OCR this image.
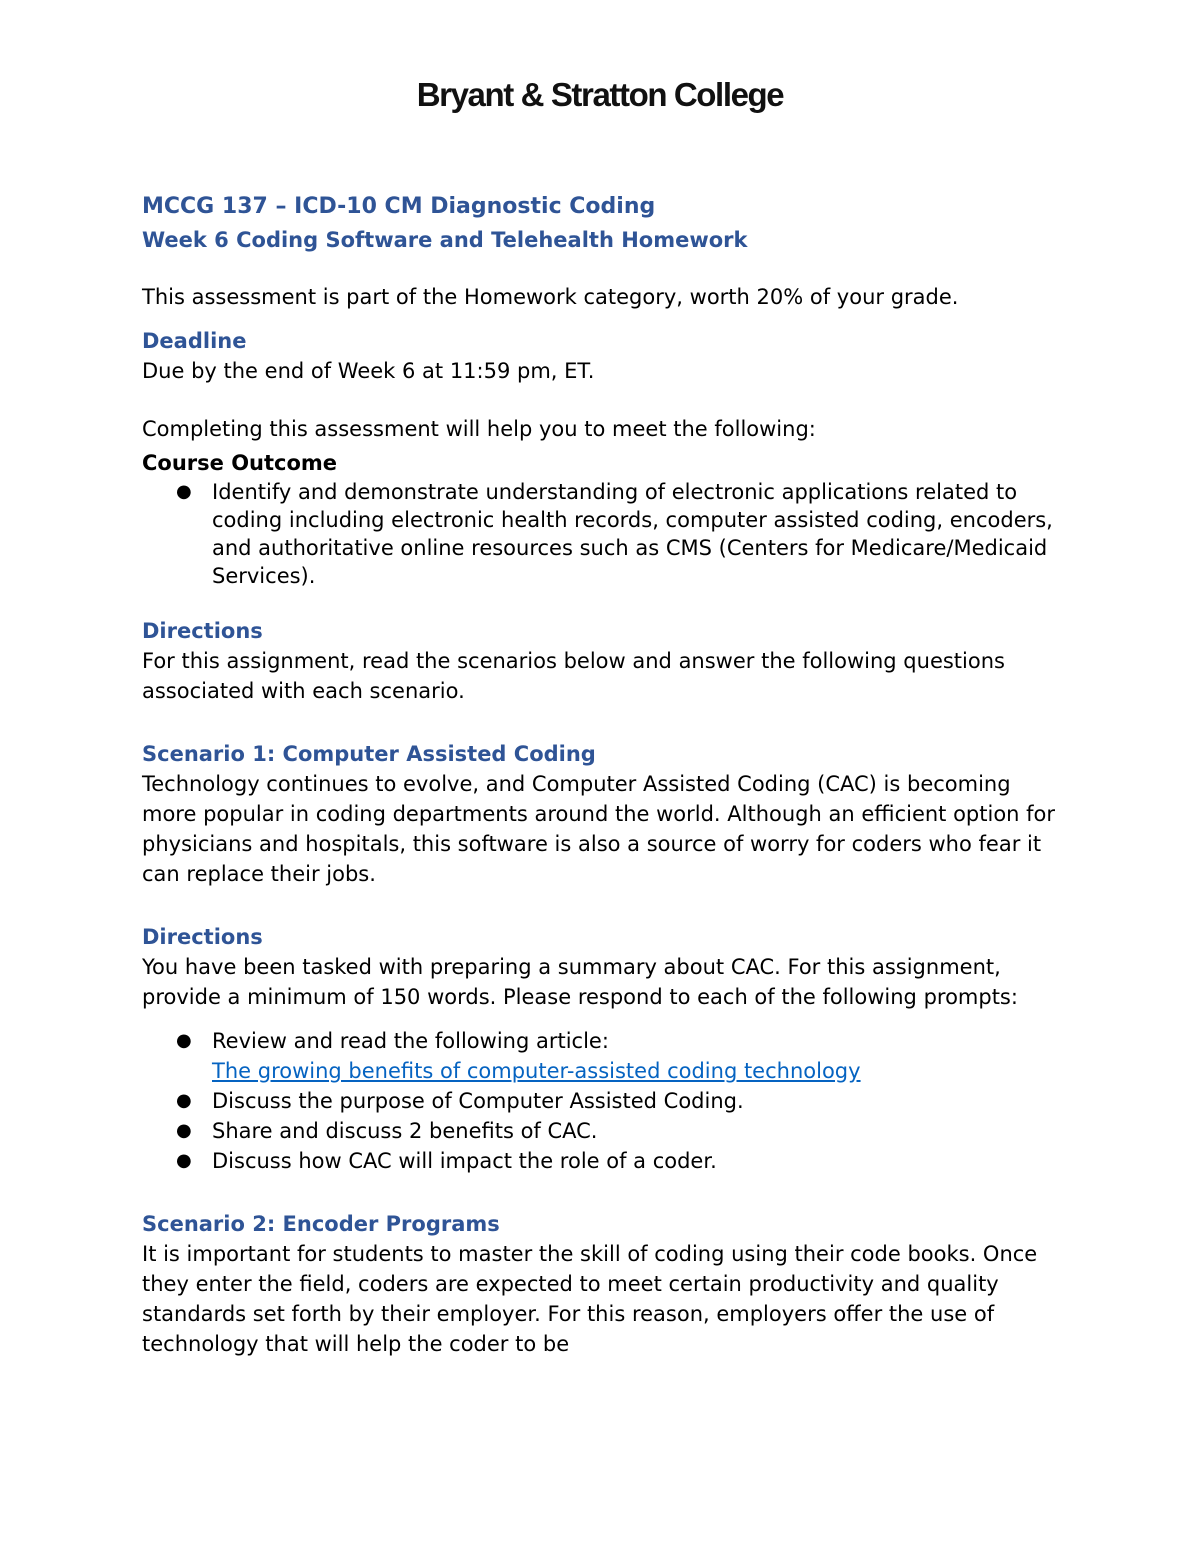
Bryant & Stratton College
MCCG 137 – ICD-10 CM Diagnostic Coding
Week 6 Coding Software and Telehealth Homework

This assessment is part of the Homework category, worth 20% of your grade.

Deadline

Due by the end of Week 6 at 11:59 pm, ET.

Completing this assessment will help you to meet the following:

Course Outcome

● Identify and demonstrate understanding of electronic applications related to coding including electronic health records, computer assisted coding, encoders, and authoritative online resources such as CMS (Centers for Medicare/Medicaid Services).
Directions

For this assignment, read the scenarios below and answer the following questions associated with each scenario.

Scenario 1: Computer Assisted Coding

Technology continues to evolve, and Computer Assisted Coding (CAC) is becoming more popular in coding departments around the world. Although an efficient option for physicians and hospitals, this software is also a source of worry for coders who fear it can replace their jobs.

Directions

You have been tasked with preparing a summary about CAC. For this assignment, provide a minimum of 150 words. Please respond to each of the following prompts:

● Review and read the following article:
The growing benefits of computer-assisted coding technology
● Discuss the purpose of Computer Assisted Coding.
● Share and discuss 2 benefits of CAC.
● Discuss how CAC will impact the role of a coder.
Scenario 2: Encoder Programs

It is important for students to master the skill of coding using their code books. Once they enter the field, coders are expected to meet certain productivity and quality standards set forth by their employer. For this reason, employers offer the use of technology that will help the coder to be
